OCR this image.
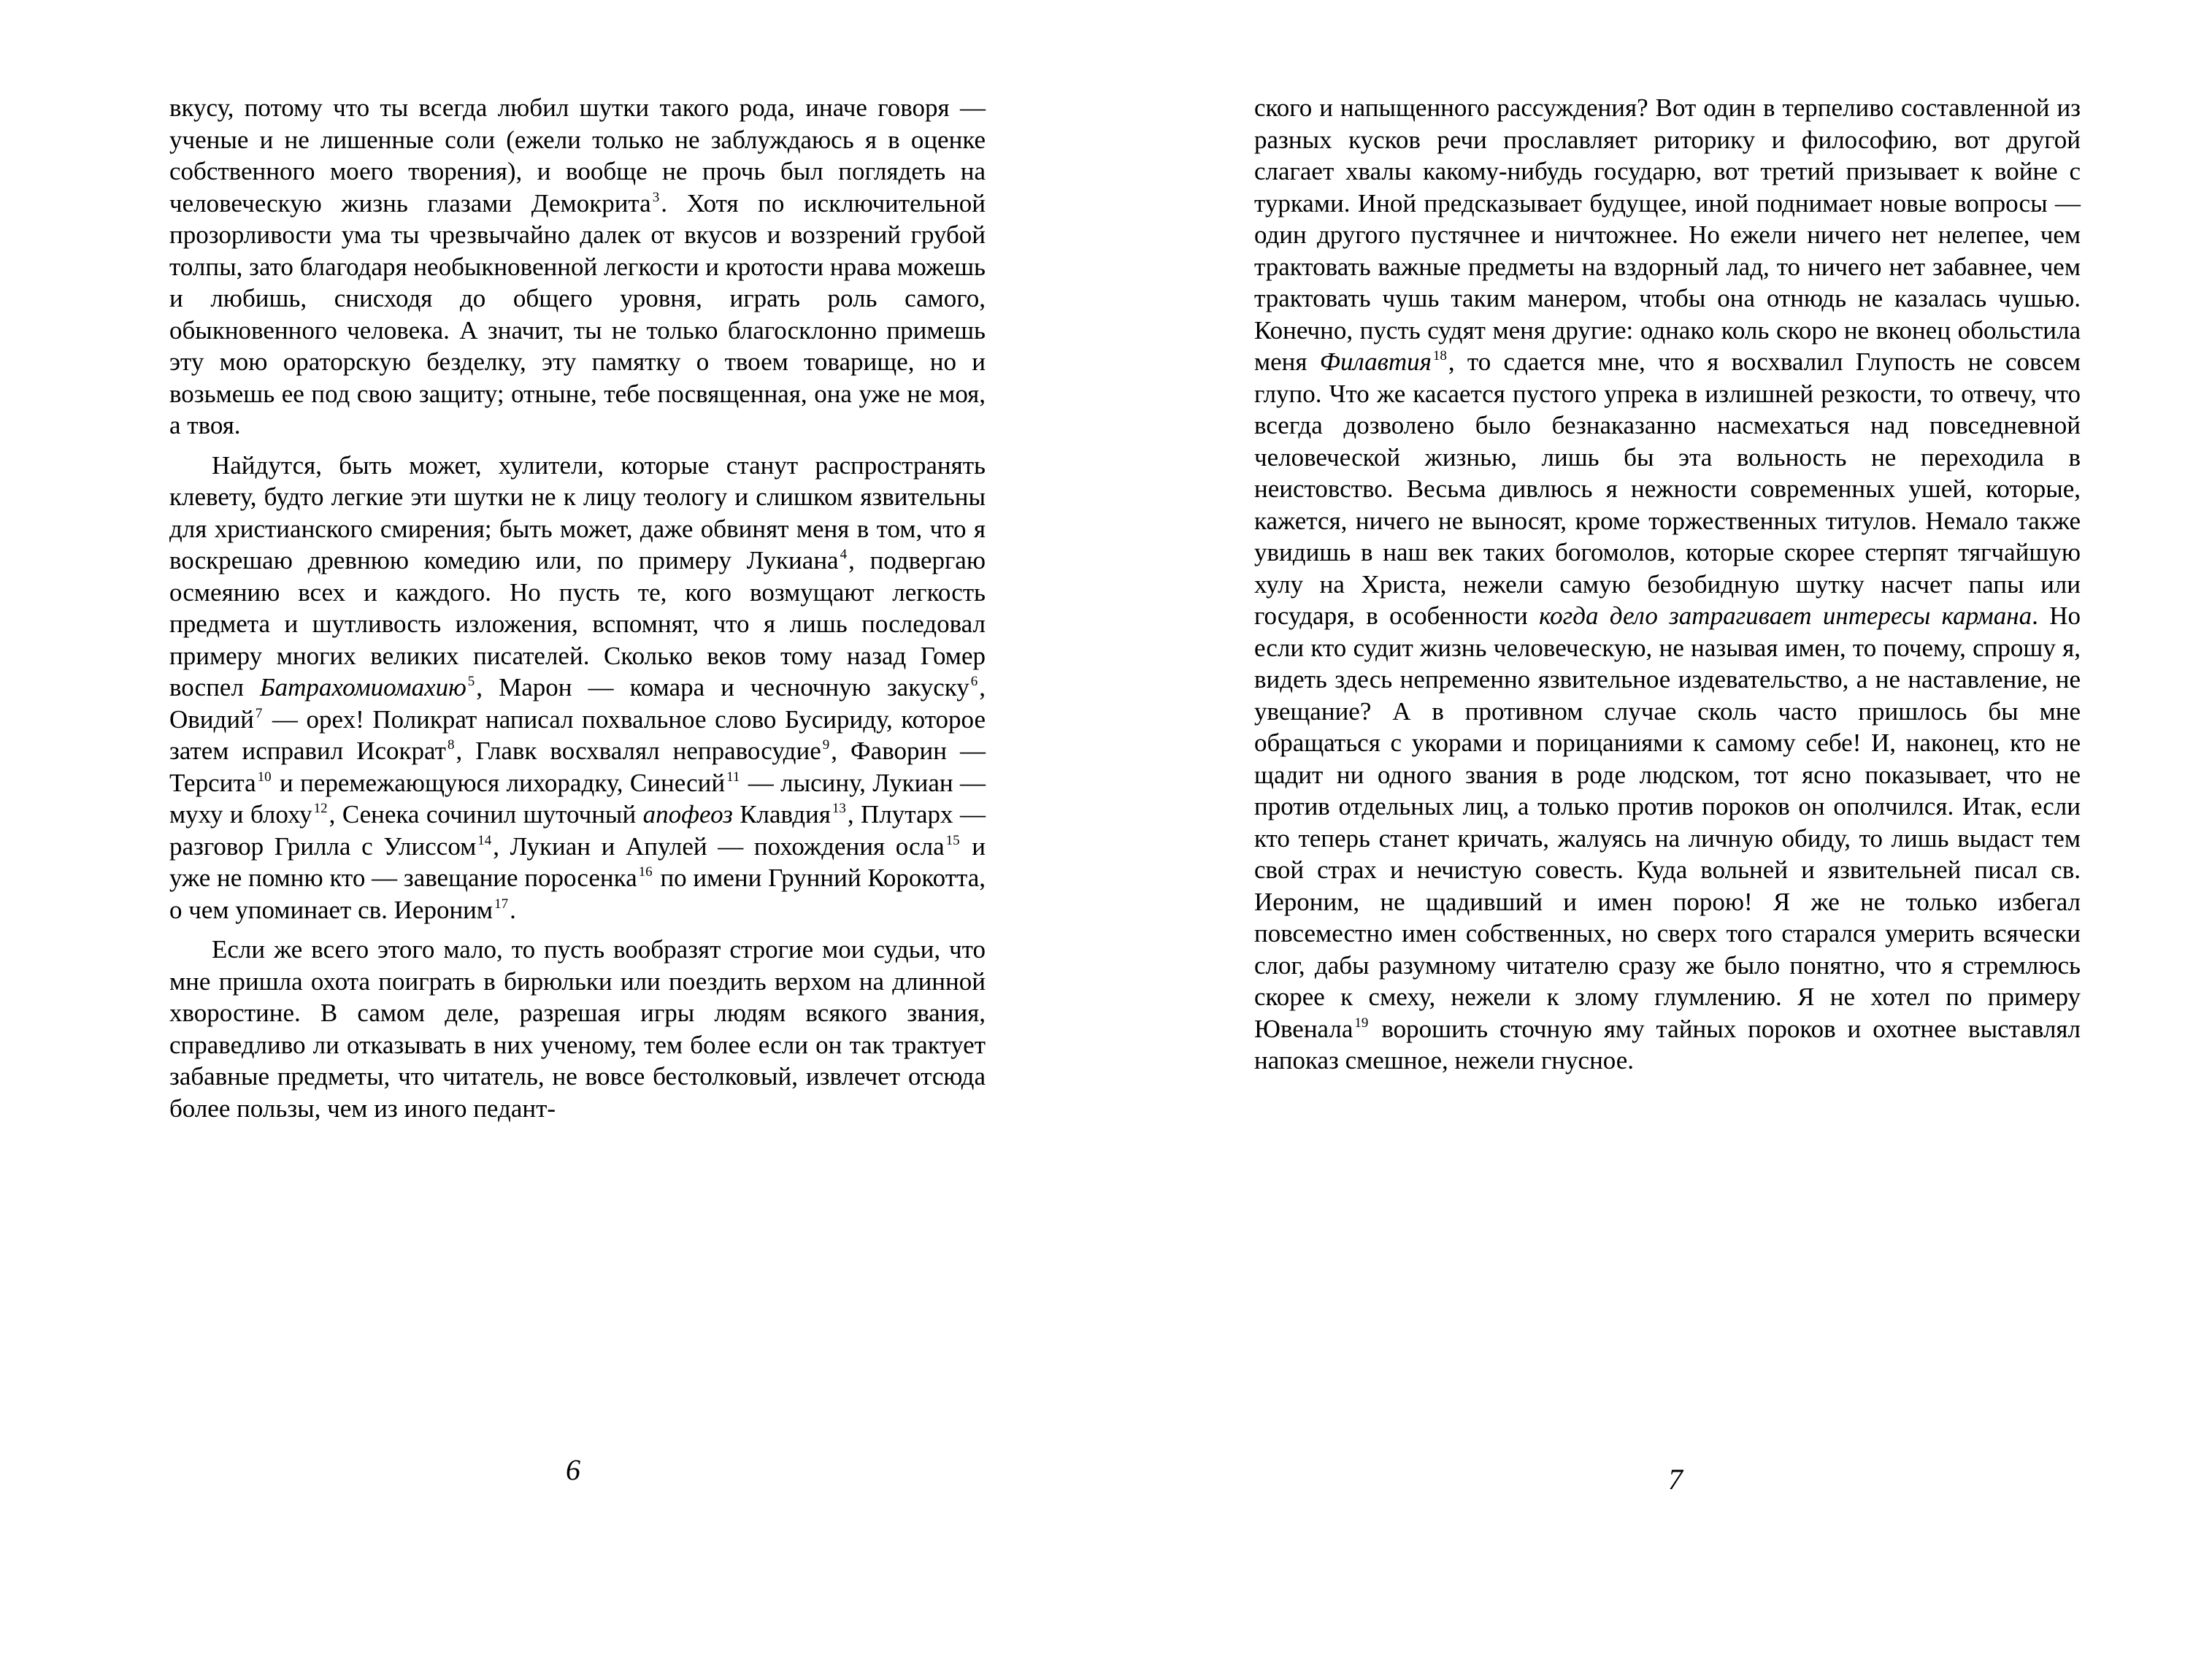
вкусу, потому что ты всегда любил шутки такого рода, иначе говоря — ученые и не лишенные соли (ежели только не заблуждаюсь я в оценке собственного моего творения), и вообще не прочь был поглядеть на человеческую жизнь глазами Демокрита $^3$. Хотя по исключительной прозорливости ума ты чрезвычайно далек от вкусов и воззрений грубой толпы, зато благодаря необыкновенной легкости и кротости нрава можешь и любишь, снисходя до общего уровня, играть роль самого, обыкновенного человека. А значит, ты не только благосклонно примешь эту мою ораторскую безделку, эту памятку о твоем товарище, но и возьмешь ее под свою защиту; отныне, тебе посвященная, она уже не моя, а твоя.

Найдутся, быть может, хулители, которые станут распространять клевету, будто легкие эти шутки не к лицу теологу и слишком язвительны для христианского смирения; быть может, даже обвинят меня в том, что я воскрешаю древнюю комедию или, по примеру Лукиана $^4$, подвергаю осмеянию всех и каждого. Но пусть те, кого возмущают легкость предмета и шутливость изложения, вспомнят, что я лишь последовал примеру многих великих писателей. Сколько веков тому назад Гомер воспел Батрахомиомахию $^5$, Марон — комара и чесночную закуску $^6$, Овидий $^7$ — орех! Поликрат написал похвальное слово Бусириду, которое затем исправил Исократ $^8$, Главк восхвалял неправосудие $^9$, Фаворин — Терсита $^{10}$ и перемежающуюся лихорадку, Синесий $^{11}$ — лысину, Лукиан — муху и блоху $^{12}$, Сенека сочинил шуточный апофеоз Клавдия $^{13}$, Плутарх — разговор Грилла с Улиссом $^{14}$, Лукиан и Апулей — похождения осла $^{15}$ и уже не помню кто — завещание поросенка $^{16}$ по имени Грунний Корокотта, о чем упоминает св. Иероним $^{17}$.

Если же всего этого мало, то пусть вообразят строгие мои судьи, что мне пришла охота поиграть в бирюльки или поездить верхом на длинной хворостине. В самом деле, разрешая игры людям всякого звания, справедливо ли отказывать в них ученому, тем более если он так трактует забавные предметы, что читатель, не вовсе бестолковый, извлечет отсюда более пользы, чем из иного педант-

6

ского и напыщенного рассуждения? Вот один в терпеливо составленной из разных кусков речи прославляет риторику и философию, вот другой слагает хвалы какому-нибудь государю, вот третий призывает к войне с турками. Иной предсказывает будущее, иной поднимает новые вопросы — один другого пустячнее и ничтожнее. Но ежели ничего нет нелепее, чем трактовать важные предметы на вздорный лад, то ничего нет забавнее, чем трактовать чушь таким манером, чтобы она отнюдь не казалась чушью. Конечно, пусть судят меня другие: однако коль скоро не вконец обольстила меня Филавтия $^{18}$, то сдается мне, что я восхвалил Глупость не совсем глупо. Что же касается пустого упрека в излишней резкости, то отвечу, что всегда дозволено было безнаказанно насмехаться над повседневной человеческой жизнью, лишь бы эта вольность не переходила в неистовство. Весьма дивлюсь я нежности современных ушей, которые, кажется, ничего не выносят, кроме торжественных титулов. Немало также увидишь в наш век таких богомолов, которые скорее стерпят тягчайшую хулу на Христа, нежели самую безобидную шутку насчет папы или государя, в особенности когда дело затрагивает интересы кармана. Но если кто судит жизнь человеческую, не называя имен, то почему, спрошу я, видеть здесь непременно язвительное издевательство, а не наставление, не увещание? А в противном случае сколь часто пришлось бы мне обращаться с укорами и порицаниями к самому себе! И, наконец, кто не щадит ни одного звания в роде людском, тот ясно показывает, что не против отдельных лиц, а только против пороков он ополчился. Итак, если кто теперь станет кричать, жалуясь на личную обиду, то лишь выдаст тем свой страх и нечистую совесть. Куда вольней и язвительней писал св. Иероним, не щадивший и имен порою! Я же не только избегал повсеместно имен собственных, но сверх того старался умерить всячески слог, дабы разумному читателю сразу же было понятно, что я стремлюсь скорее к смеху, нежели к злому глумлению. Я не хотел по примеру Ювенала $^{19}$ ворошить сточную яму тайных пороков и охотнее выставлял напоказ смешное, нежели гнусное.

7
